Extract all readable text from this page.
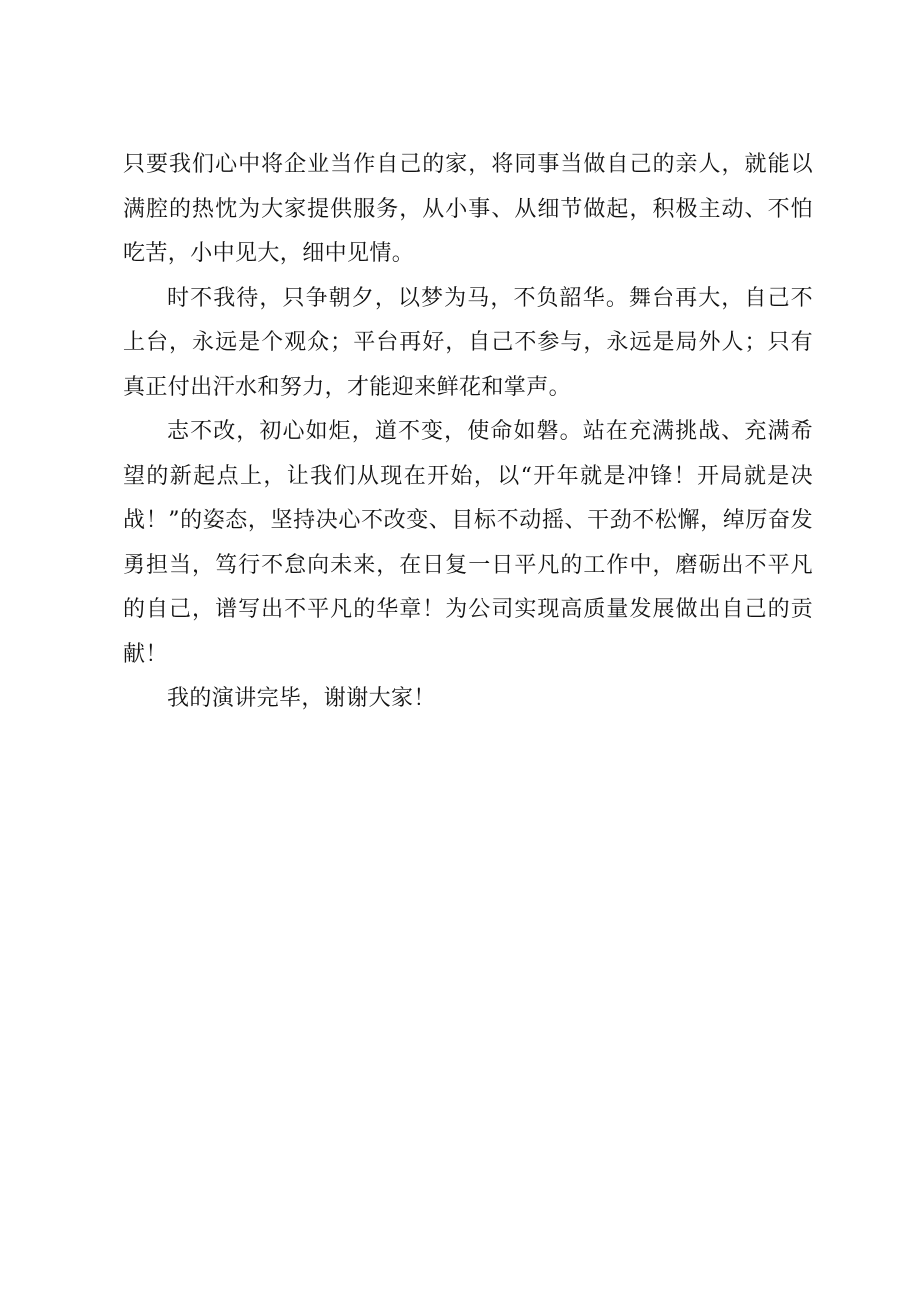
只要我们心中将企业当作自己的家，将同事当做自己的亲人，就能以满腔的热忱为大家提供服务，从小事、从细节做起，积极主动、不怕吃苦，小中见大，细中见情。

时不我待，只争朝夕，以梦为马，不负韶华。舞台再大，自己不上台，永远是个观众；平台再好，自己不参与，永远是局外人；只有真正付出汗水和努力，才能迎来鲜花和掌声。

志不改，初心如炬，道不变，使命如磐。站在充满挑战、充满希望的新起点上，让我们从现在开始，以“开年就是冲锋！开局就是决战！”的姿态，坚持决心不改变、目标不动摇、干劲不松懈，绰厉奋发勇担当，笃行不怠向未来，在日复一日平凡的工作中，磨砺出不平凡的自己，谱写出不平凡的华章！为公司实现高质量发展做出自己的贡献！

我的演讲完毕，谢谢大家！
